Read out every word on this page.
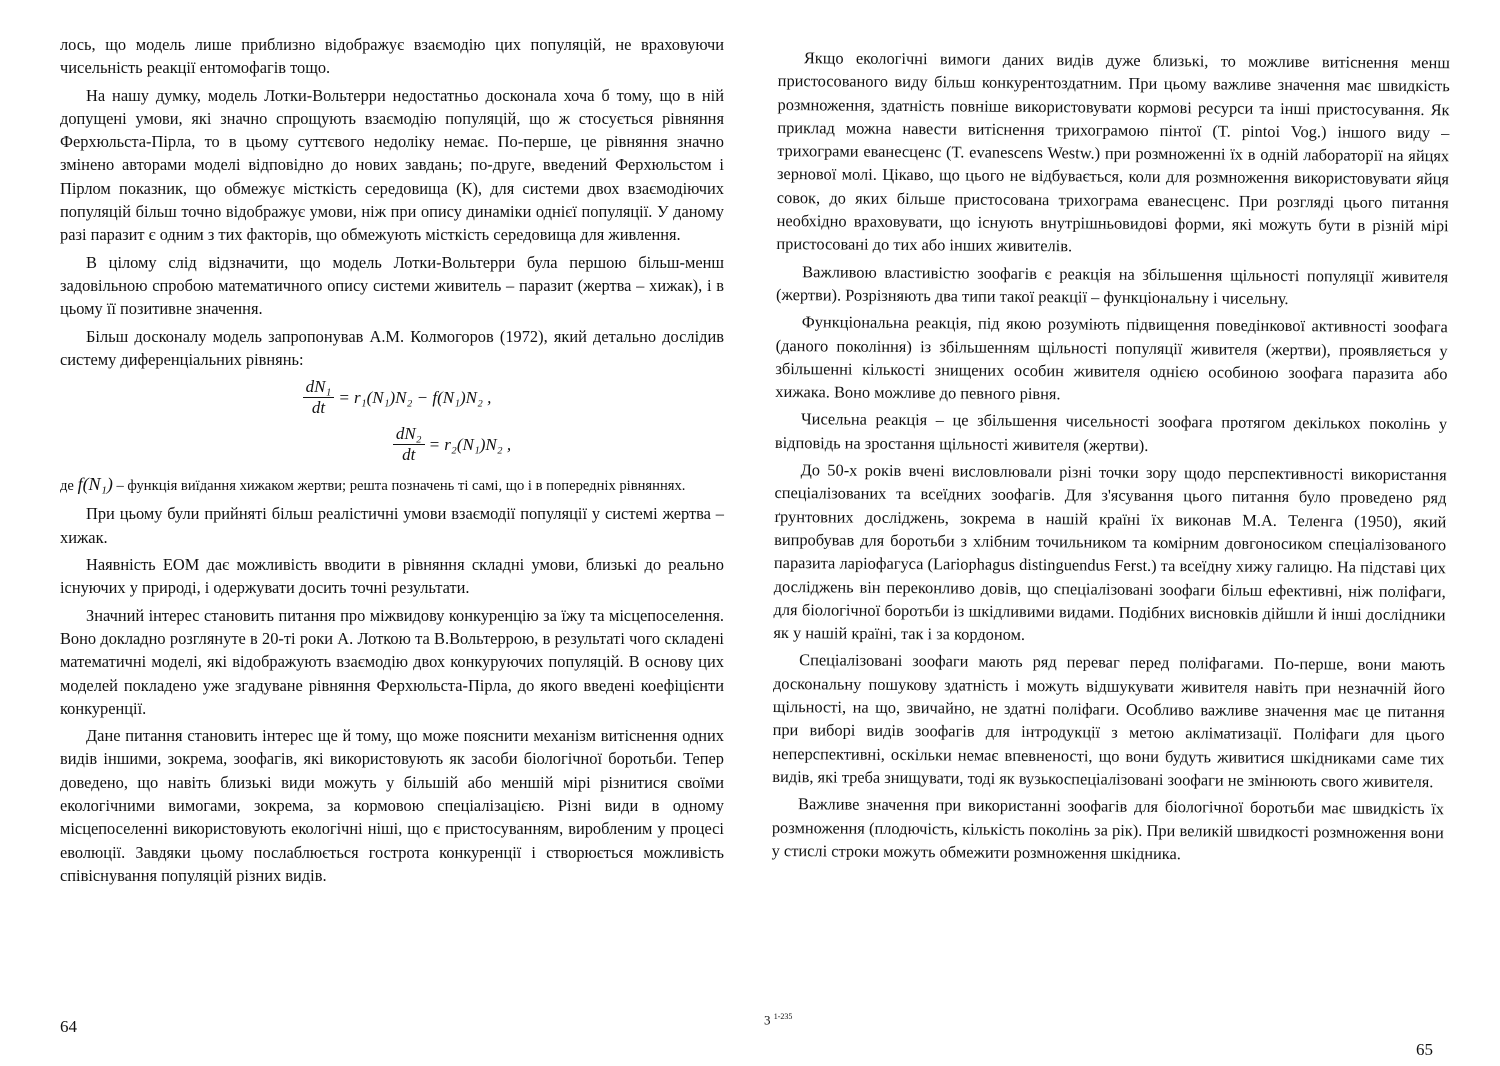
лось, що модель лише приблизно відображує взаємодію цих популяцій, не враховуючи чисельність реакції ентомофагів тощо.

На нашу думку, модель Лотки-Вольтерри недостатньо досконала хоча б тому, що в ній допущені умови, які значно спрощують взаємодію популяцій, що ж стосується рівняння Ферхюльста-Пірла, то в цьому суттєвого недоліку немає. По-перше, це рівняння значно змінено авторами моделі відповідно до нових завдань; по-друге, введений Ферхюльстом і Пірлом показник, що обмежує місткість середовища (К), для системи двох взаємодіючих популяцій більш точно відображує умови, ніж при опису динаміки однієї популяції. У даному разі паразит є одним з тих факторів, що обмежують місткість середовища для живлення.

В цілому слід відзначити, що модель Лотки-Вольтерри була першою більш-менш задовільною спробою математичного опису системи живитель – паразит (жертва – хижак), і в цьому її позитивне значення.

Більш досконалу модель запропонував А.М. Колмогоров (1972), який детально дослідив систему диференціальних рівнянь:

$\frac{\text{dN₁}}{dt} = r_1(N_1)N_2 - f(N_1)N_2$ ,
$\frac{\text{dN₂}}{dt} = r_2(N_1)N_2$ ,

де f(N₁) – функція виїдання хижаком жертви; решта позначень ті самі, що і в попередніх рівняннях.

При цьому були прийняті більш реалістичні умови взаємодії популяції у системі жертва – хижак.

Наявність ЕОМ дає можливість вводити в рівняння складні умови, близькі до реально існуючих у природі, і одержувати досить точні результати.

Значний інтерес становить питання про міжвидову конкуренцію за їжу та місцепоселення. Воно докладно розглянуте в 20-ті роки А. Лоткою та В.Вольтеррою, в результаті чого складені математичні моделі, які відображують взаємодію двох конкуруючих популяцій. В основу цих моделей покладено уже згадуване рівняння Ферхюльста-Пірла, до якого введені коефіцієнти конкуренції.

Дане питання становить інтерес ще й тому, що може пояснити механізм витіснення одних видів іншими, зокрема, зоофагів, які використовують як засоби біологічної боротьби. Тепер доведено, що навіть близькі види можуть у більшій або меншій мірі різнитися своїми екологічними вимогами, зокрема, за кормовою спеціалізацією. Різні види в одному місцепоселенні використовують екологічні ніші, що є пристосуванням, виробленим у процесі еволюції. Завдяки цьому послаблюється гострота конкуренції і створюється можливість співіснування популяцій різних видів.

64

Якщо екологічні вимоги даних видів дуже близькі, то можливе витіснення менш пристосованого виду більш конкурентоздатним. При цьому важливе значення має швидкість розмноження, здатність повніше використовувати кормові ресурси та інші пристосування. Як приклад можна навести витіснення трихограмою пінтої (T. pintoi Vog.) іншого виду – трихограми еванесценс (T. evanescens Westw.) при розмноженні їх в одній лабораторії на яйцях зернової молі. Цікаво, що цього не відбувається, коли для розмноження використовувати яйця совок, до яких більше пристосована трихограма еванесценс. При розгляді цього питання необхідно враховувати, що існують внутрішньовидові форми, які можуть бути в різній мірі пристосовані до тих або інших живителів.

Важливою властивістю зоофагів є реакція на збільшення щільності популяції живителя (жертви). Розрізняють два типи такої реакції – функціональну і чисельну.

Функціональна реакція, під якою розуміють підвищення поведінкової активності зоофага (даного покоління) із збільшенням щільності популяції живителя (жертви), проявляється у збільшенні кількості знищених особин живителя однією особиною зоофага паразита або хижака. Воно можливе до певного рівня.

Чисельна реакція – це збільшення чисельності зоофага протягом декількох поколінь у відповідь на зростання щільності живителя (жертви).

До 50-х років вчені висловлювали різні точки зору щодо перспективності використання спеціалізованих та всеїдних зоофагів. Для з'ясування цього питання було проведено ряд ґрунтовних досліджень, зокрема в нашій країні їх виконав М.А. Теленга (1950), який випробував для боротьби з хлібним точильником та комірним довгоносиком спеціалізованого паразита ларіофагуса (Lariophagus distinguendus Ferst.) та всеїдну хижу галицю. На підставі цих досліджень він переконливо довів, що спеціалізовані зоофаги більш ефективні, ніж поліфаги, для біологічної боротьби із шкідливими видами. Подібних висновків дійшли й інші дослідники як у нашій країні, так і за кордоном.

Спеціалізовані зоофаги мають ряд переваг перед поліфагами. По-перше, вони мають доскональну пошукову здатність і можуть відшукувати живителя навіть при незначній його щільності, на що, звичайно, не здатні поліфаги. Особливо важливе значення має це питання при виборі видів зоофагів для інтродукції з метою акліматизації. Поліфаги для цього неперспективні, оскільки немає впевненості, що вони будуть живитися шкідниками саме тих видів, які треба знищувати, тоді як вузькоспеціалізовані зоофаги не змінюють свого живителя.

Важливе значення при використанні зоофагів для біологічної боротьби має швидкість їх розмноження (плодючість, кількість поколінь за рік). При великій швидкості розмноження вони у стислі строки можуть обмежити розмноження шкідника.

3 $^{1-235}$
65
